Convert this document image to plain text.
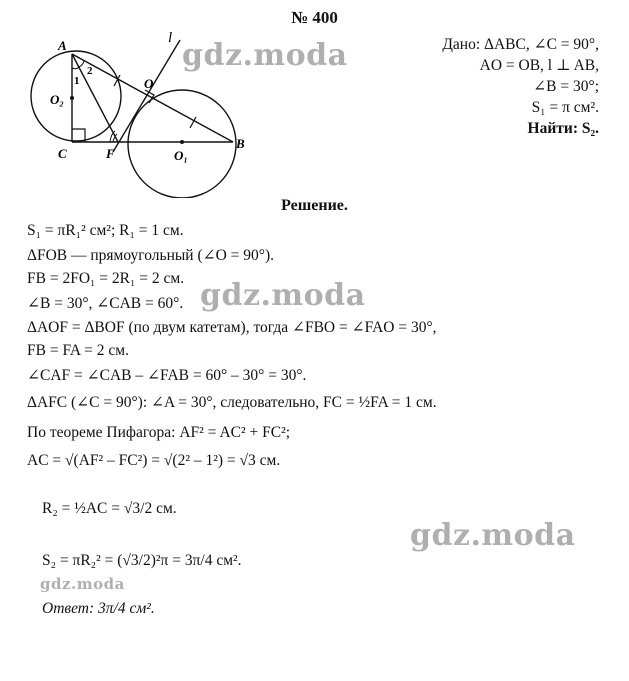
№ 400
A
C	F	O₁
O₂
O
B
l
1
2
Дано: ΔABC, ∠C = 90°,
AO = OB, l ⊥ AB,
∠B = 30°;
S₁ = π см².
Найти: S₂.
Решение.
S₁ = πR₁² см²; R₁ = 1 см.
ΔFOB — прямоугольный (∠O = 90°).
FB = 2FO₁ = 2R₁ = 2 см.
∠B = 30°, ∠CAB = 60°.
ΔAOF = ΔBOF (по двум катетам), тогда ∠FBO = ∠FAO = 30°,
FB = FA = 2 см.
∠CAF = ∠CAB – ∠FAB = 60° – 30° = 30°.
ΔAFC (∠C = 90°): ∠A = 30°, следовательно, FC = ½FA = 1 см.
По теореме Пифагора: AF² = AC² + FC²;
AC = √(AF² – FC²) = √(2² – 1²) = √3 см.
R₂ = ½AC = √3/2 см.
S₂ = πR₂² = (√3/2)²π = 3π/4 см².
Ответ: 3π/4 см².
gdz.moda
gdz.moda
gdz.moda
gdz.moda
